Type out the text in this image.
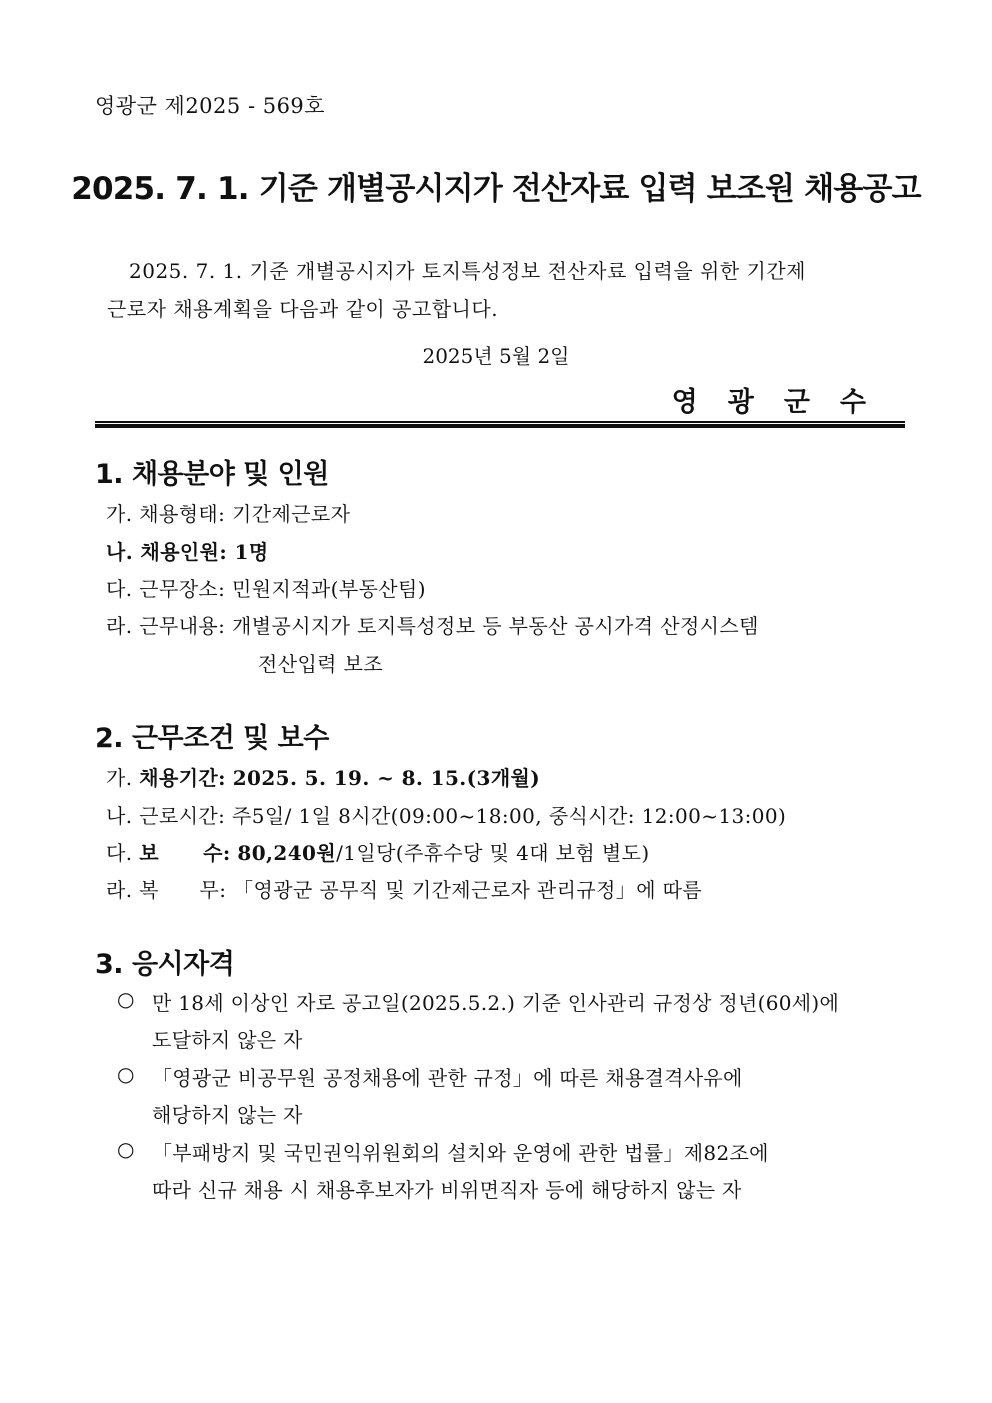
영광군 제2025 - 569호
2025. 7. 1. 기준 개별공시지가 전산자료 입력 보조원 채용공고
2025. 7. 1. 기준 개별공시지가 토지특성정보 전산자료 입력을 위한 기간제
근로자 채용계획을 다음과 같이 공고합니다.
2025년 5월 2일
영광군수
1. 채용분야 및 인원
가. 채용형태: 기간제근로자
나. 채용인원: 1명
다. 근무장소: 민원지적과(부동산팀)
라. 근무내용: 개별공시지가 토지특성정보 등 부동산 공시가격 산정시스템
전산입력 보조
2. 근무조건 및 보수
가. 채용기간: 2025. 5. 19. ~ 8. 15.(3개월)
나. 근로시간: 주5일/ 1일 8시간(09:00~18:00, 중식시간: 12:00~13:00)
다. 보      수: 80,240원/1일당(주휴수당 및 4대 보험 별도)
라. 복      무: 「영광군 공무직 및 기간제근로자 관리규정」에 따름
3. 응시자격
○ 만 18세 이상인 자로 공고일(2025.5.2.) 기준 인사관리 규정상 정년(60세)에
도달하지 않은 자
○ 「영광군 비공무원 공정채용에 관한 규정」에 따른 채용결격사유에
해당하지 않는 자
○ 「부패방지 및 국민권익위원회의 설치와 운영에 관한 법률」제82조에
따라 신규 채용 시 채용후보자가 비위면직자 등에 해당하지 않는 자
